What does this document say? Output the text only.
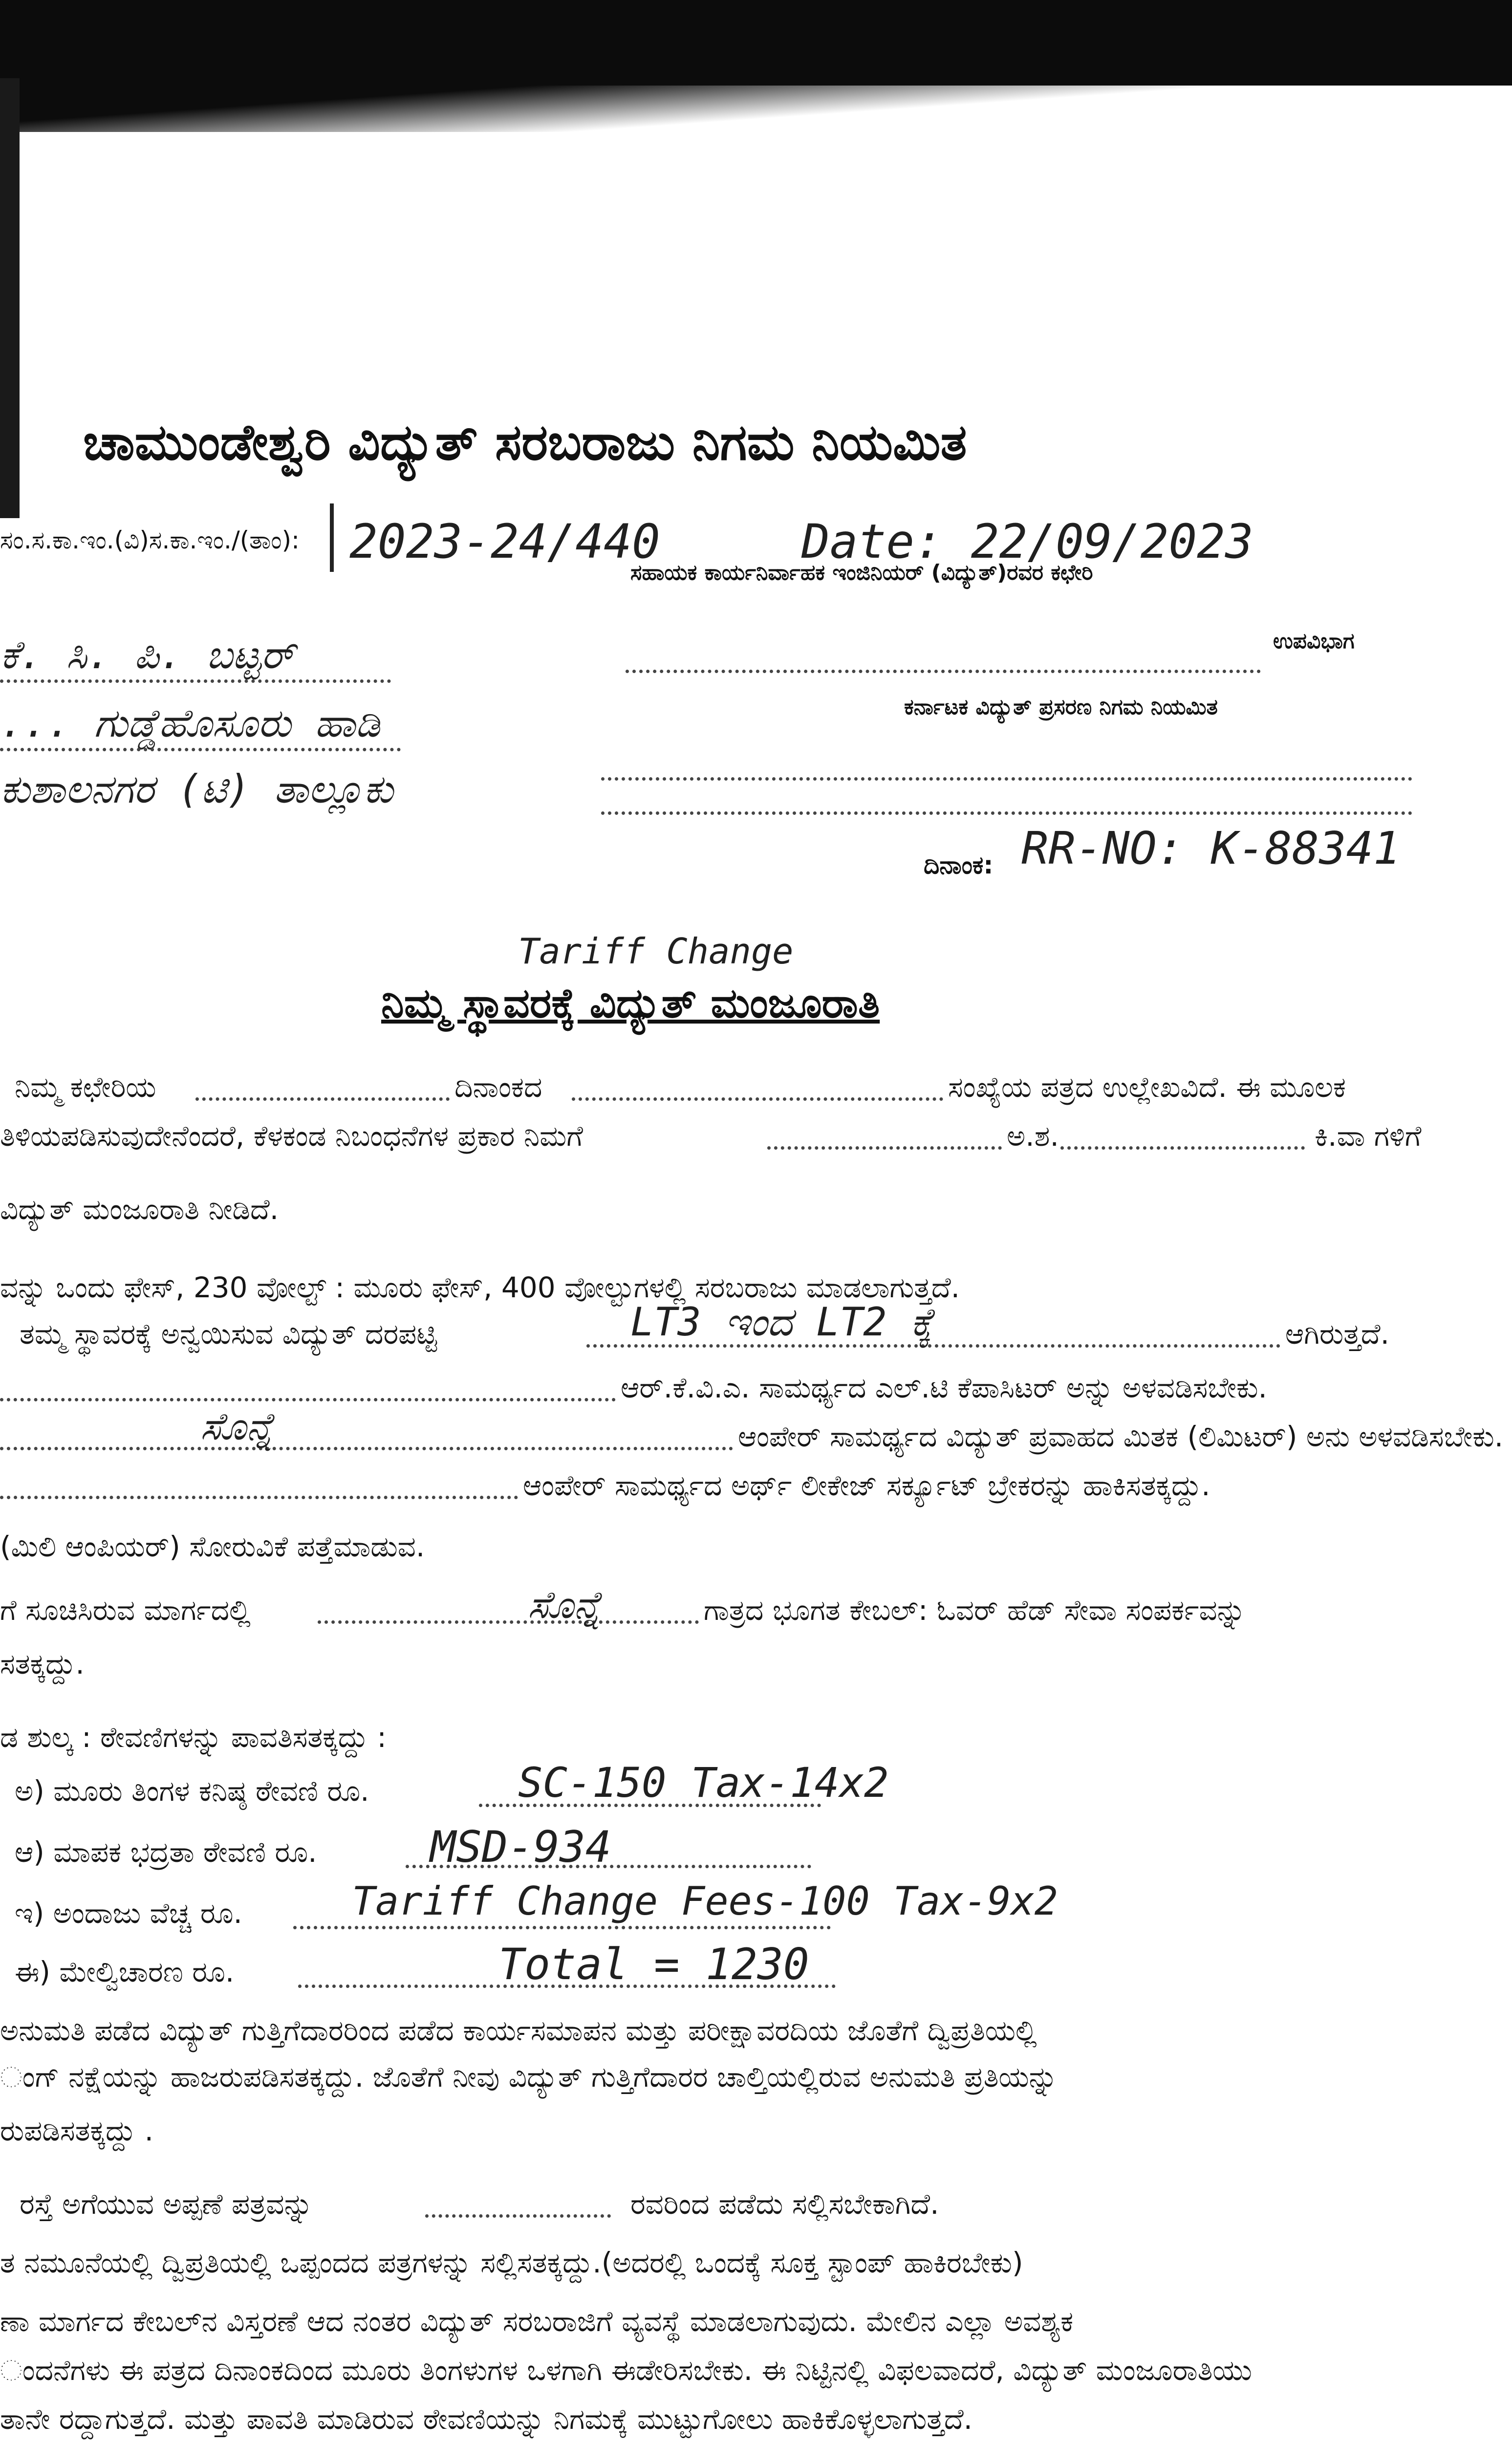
ಚಾಮುಂಡೇಶ್ವರಿ ವಿದ್ಯುತ್ ಸರಬರಾಜು ನಿಗಮ ನಿಯಮಿತ
ಸಂ.ಸ.ಕಾ.ಇಂ.(ವಿ)ಸ.ಕಾ.ಇಂ./(ತಾಂ): 2023-24/440	Date: 22/09/2023
ಸಹಾಯಕ ಕಾರ್ಯನಿರ್ವಾಹಕ ಇಂಜಿನಿಯರ್ (ವಿದ್ಯುತ್)ರವರ ಕಛೇರಿ
ಕೆ. ಸಿ. ಪಿ. ಬಟ್ಟರ್
... ಗುಡ್ಡೆಹೊಸೂರು ಹಾಡಿ
ಕುಶಾಲನಗರ (ಟಿ) ತಾಲ್ಲೂಕು
ಉಪವಿಭಾಗ
ಕರ್ನಾಟಕ ವಿದ್ಯುತ್ ಪ್ರಸರಣ ನಿಗಮ ನಿಯಮಿತ
ದಿನಾಂಕ: RR-NO: K-88341
Tariff Change
ನಿಮ್ಮ ಸ್ಥಾವರಕ್ಕೆ ವಿದ್ಯುತ್ ಮಂಜೂರಾತಿ
ನಿಮ್ಮ ಕಛೇರಿಯ	ದಿನಾಂಕದ	ಸಂಖ್ಯೆಯ ಪತ್ರದ ಉಲ್ಲೇಖವಿದೆ. ಈ ಮೂಲಕ
ತಿಳಿಯಪಡಿಸುವುದೇನೆಂದರೆ, ಕೆಳಕಂಡ ನಿಬಂಧನೆಗಳ ಪ್ರಕಾರ ನಿಮಗೆ	ಅ.ಶ.	ಕಿ.ವಾ ಗಳಿಗೆ
ವಿದ್ಯುತ್ ಮಂಜೂರಾತಿ ನೀಡಿದೆ.
ವನ್ನು ಒಂದು ಫೇಸ್, 230 ವೋಲ್ಟ್ : ಮೂರು ಫೇಸ್, 400 ವೋಲ್ಟುಗಳಲ್ಲಿ ಸರಬರಾಜು ಮಾಡಲಾಗುತ್ತದೆ.
ತಮ್ಮ ಸ್ಥಾವರಕ್ಕೆ ಅನ್ವಯಿಸುವ ವಿದ್ಯುತ್ ದರಪಟ್ಟಿ	LT3 ಇಂದ LT2 ಕ್ಕೆ	ಆಗಿರುತ್ತದೆ.
ಆರ್.ಕೆ.ವಿ.ಎ. ಸಾಮರ್ಥ್ಯದ ಎಲ್.ಟಿ ಕೆಪಾಸಿಟರ್ ಅನ್ನು ಅಳವಡಿಸಬೇಕು.
ಸೊನ್ನೆ	ಆಂಪೇರ್ ಸಾಮರ್ಥ್ಯದ ವಿದ್ಯುತ್ ಪ್ರವಾಹದ ಮಿತಕ (ಲಿಮಿಟರ್) ಅನು ಅಳವಡಿಸಬೇಕು.
ಆಂಪೇರ್ ಸಾಮರ್ಥ್ಯದ ಅರ್ಥ್ ಲೀಕೇಜ್ ಸರ್ಕ್ಯೂಟ್ ಬ್ರೇಕರನ್ನು ಹಾಕಿಸತಕ್ಕದ್ದು.
(ಮಿಲಿ ಆಂಪಿಯರ್) ಸೋರುವಿಕೆ ಪತ್ತೆಮಾಡುವ.
ಗೆ ಸೂಚಿಸಿರುವ ಮಾರ್ಗದಲ್ಲಿ	ಸೊನ್ನೆ	ಗಾತ್ರದ ಭೂಗತ ಕೇಬಲ್: ಓವರ್ ಹೆಡ್ ಸೇವಾ ಸಂಪರ್ಕವನ್ನು
ಸತಕ್ಕದ್ದು.
ಡ ಶುಲ್ಕ : ಠೇವಣಿಗಳನ್ನು ಪಾವತಿಸತಕ್ಕದ್ದು :
ಅ) ಮೂರು ತಿಂಗಳ ಕನಿಷ್ಠ ಠೇವಣಿ ರೂ.	SC-150 Tax-14x2
ಆ) ಮಾಪಕ ಭದ್ರತಾ ಠೇವಣಿ ರೂ.	MSD-934
ಇ) ಅಂದಾಜು ವೆಚ್ಚ ರೂ.	Tariff Change Fees-100 Tax-9x2
ಈ) ಮೇಲ್ವಿಚಾರಣ ರೂ.	Total = 1230
ಅನುಮತಿ ಪಡೆದ ವಿದ್ಯುತ್ ಗುತ್ತಿಗೆದಾರರಿಂದ ಪಡೆದ ಕಾರ್ಯಸಮಾಪನ ಮತ್ತು ಪರೀಕ್ಷಾವರದಿಯ ಜೊತೆಗೆ ದ್ವಿಪ್ರತಿಯಲ್ಲಿ
ಂಗ್ ನಕ್ಷೆಯನ್ನು ಹಾಜರುಪಡಿಸತಕ್ಕದ್ದು. ಜೊತೆಗೆ ನೀವು ವಿದ್ಯುತ್ ಗುತ್ತಿಗೆದಾರರ ಚಾಲ್ತಿಯಲ್ಲಿರುವ ಅನುಮತಿ ಪ್ರತಿಯನ್ನು
ರುಪಡಿಸತಕ್ಕದ್ದು .
ರಸ್ತೆ ಅಗೆಯುವ ಅಪ್ಪಣೆ ಪತ್ರವನ್ನು	ರವರಿಂದ ಪಡೆದು ಸಲ್ಲಿಸಬೇಕಾಗಿದೆ.
ತ ನಮೂನೆಯಲ್ಲಿ ದ್ವಿಪ್ರತಿಯಲ್ಲಿ ಒಪ್ಪಂದದ ಪತ್ರಗಳನ್ನು ಸಲ್ಲಿಸತಕ್ಕದ್ದು.(ಅದರಲ್ಲಿ ಒಂದಕ್ಕೆ ಸೂಕ್ತ ಸ್ಟಾಂಪ್ ಹಾಕಿರಬೇಕು)
ಣಾ ಮಾರ್ಗದ ಕೇಬಲ್‌ನ ವಿಸ್ತರಣೆ ಆದ ನಂತರ ವಿದ್ಯುತ್ ಸರಬರಾಜಿಗೆ ವ್ಯವಸ್ಥೆ ಮಾಡಲಾಗುವುದು. ಮೇಲಿನ ಎಲ್ಲಾ ಅವಶ್ಯಕ
ಂದನೆಗಳು ಈ ಪತ್ರದ ದಿನಾಂಕದಿಂದ ಮೂರು ತಿಂಗಳುಗಳ ಒಳಗಾಗಿ ಈಡೇರಿಸಬೇಕು. ಈ ನಿಟ್ಟಿನಲ್ಲಿ ವಿಫಲವಾದರೆ, ವಿದ್ಯುತ್ ಮಂಜೂರಾತಿಯು
ತಾನೇ ರದ್ದಾಗುತ್ತದೆ. ಮತ್ತು ಪಾವತಿ ಮಾಡಿರುವ ಠೇವಣಿಯನ್ನು ನಿಗಮಕ್ಕೆ ಮುಟ್ಟುಗೋಲು ಹಾಕಿಕೊಳ್ಳಲಾಗುತ್ತದೆ.
